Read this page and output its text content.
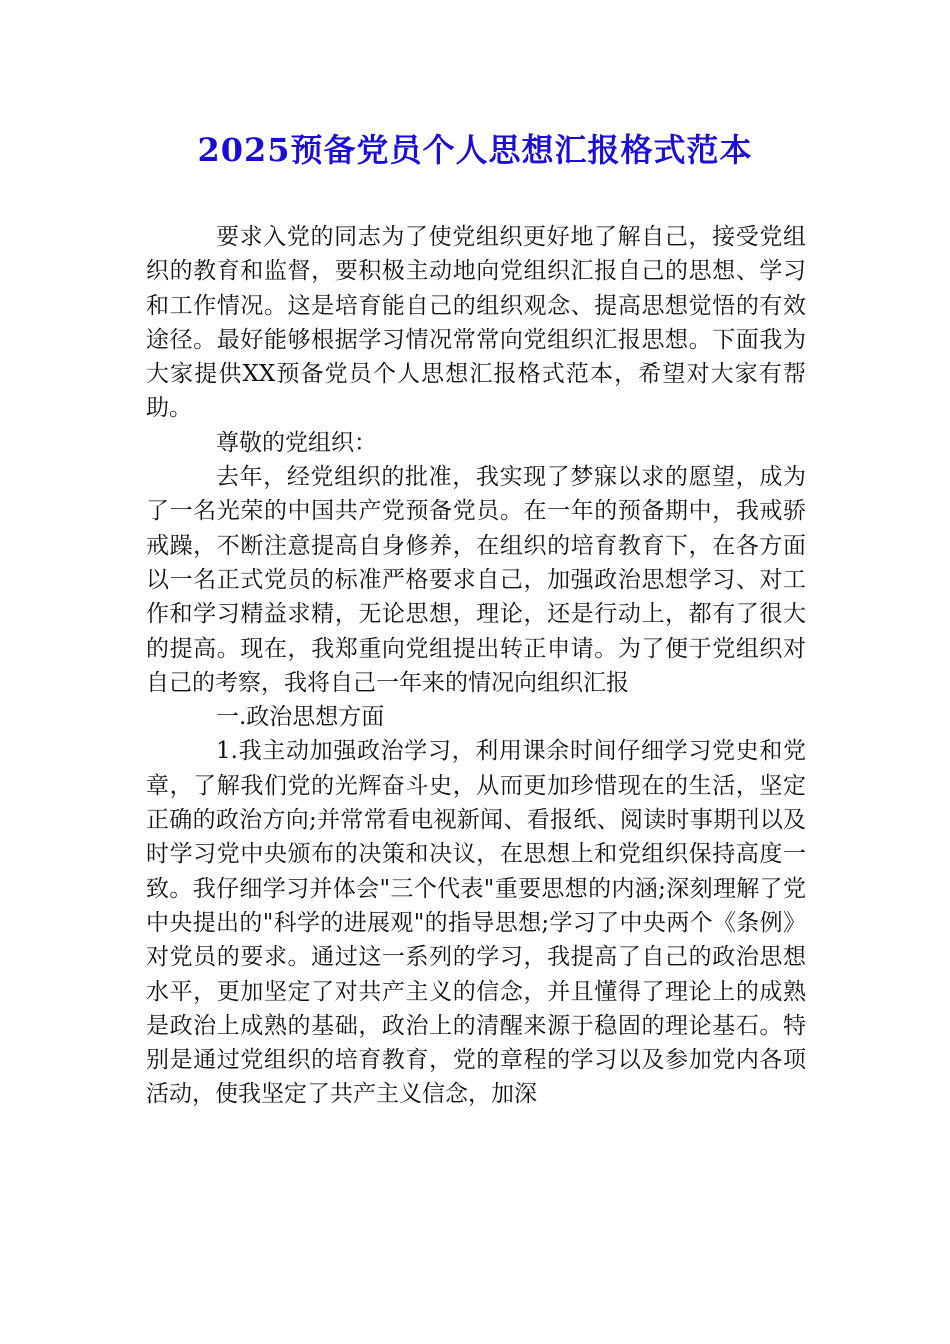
2025预备党员个人思想汇报格式范本

要求入党的同志为了使党组织更好地了解自己，接受党组织的教育和监督，要积极主动地向党组织汇报自己的思想、学习和工作情况。这是培育能自己的组织观念、提高思想觉悟的有效途径。最好能够根据学习情况常常向党组织汇报思想。下面我为大家提供XX预备党员个人思想汇报格式范本，希望对大家有帮助。

尊敬的党组织：

去年，经党组织的批准，我实现了梦寐以求的愿望，成为了一名光荣的中国共产党预备党员。在一年的预备期中，我戒骄戒躁，不断注意提高自身修养，在组织的培育教育下，在各方面以一名正式党员的标准严格要求自己，加强政治思想学习、对工作和学习精益求精，无论思想，理论，还是行动上，都有了很大的提高。现在，我郑重向党组提出转正申请。为了便于党组织对自己的考察，我将自己一年来的情况向组织汇报

一.政治思想方面

1.我主动加强政治学习，利用课余时间仔细学习党史和党章，了解我们党的光辉奋斗史，从而更加珍惜现在的生活，坚定正确的政治方向;并常常看电视新闻、看报纸、阅读时事期刊以及时学习党中央颁布的决策和决议，在思想上和党组织保持高度一致。我仔细学习并体会"三个代表"重要思想的内涵;深刻理解了党中央提出的"科学的进展观"的指导思想;学习了中央两个《条例》对党员的要求。通过这一系列的学习，我提高了自己的政治思想水平，更加坚定了对共产主义的信念，并且懂得了理论上的成熟是政治上成熟的基础，政治上的清醒来源于稳固的理论基石。特别是通过党组织的培育教育，党的章程的学习以及参加党内各项活动，使我坚定了共产主义信念，加深
